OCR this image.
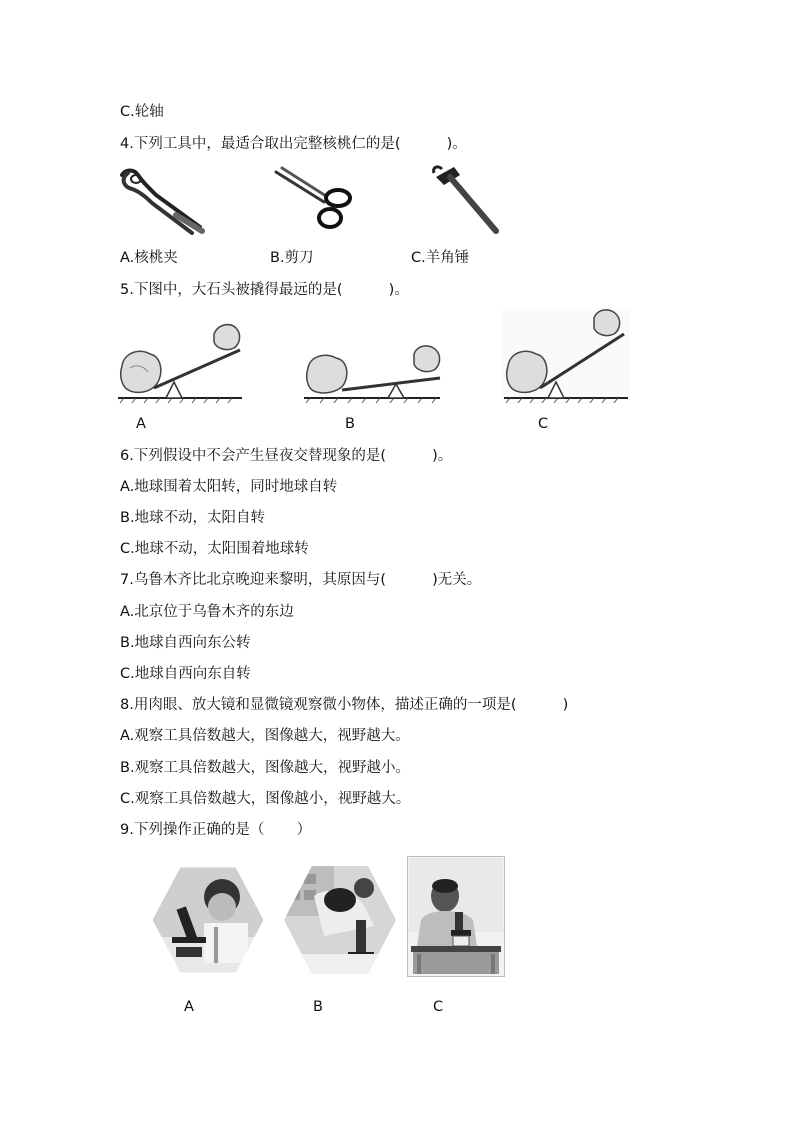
C.轮轴
4.下列工具中，最适合取出完整核桃仁的是(          )。
A.核桃夹	B.剪刀	C.羊角锤
5.下图中，大石头被撬得最远的是(          )。
A	B	C
6.下列假设中不会产生昼夜交替现象的是(          )。
A.地球围着太阳转，同时地球自转
B.地球不动，太阳自转
C.地球不动，太阳围着地球转
7.乌鲁木齐比北京晚迎来黎明，其原因与(          )无关。
A.北京位于乌鲁木齐的东边
B.地球自西向东公转
C.地球自西向东自转
8.用肉眼、放大镜和显微镜观察微小物体，描述正确的一项是(          )
A.观察工具倍数越大，图像越大，视野越大。
B.观察工具倍数越大，图像越大，视野越小。
C.观察工具倍数越大，图像越小，视野越大。
9.下列操作正确的是（       ）
A	B	C
